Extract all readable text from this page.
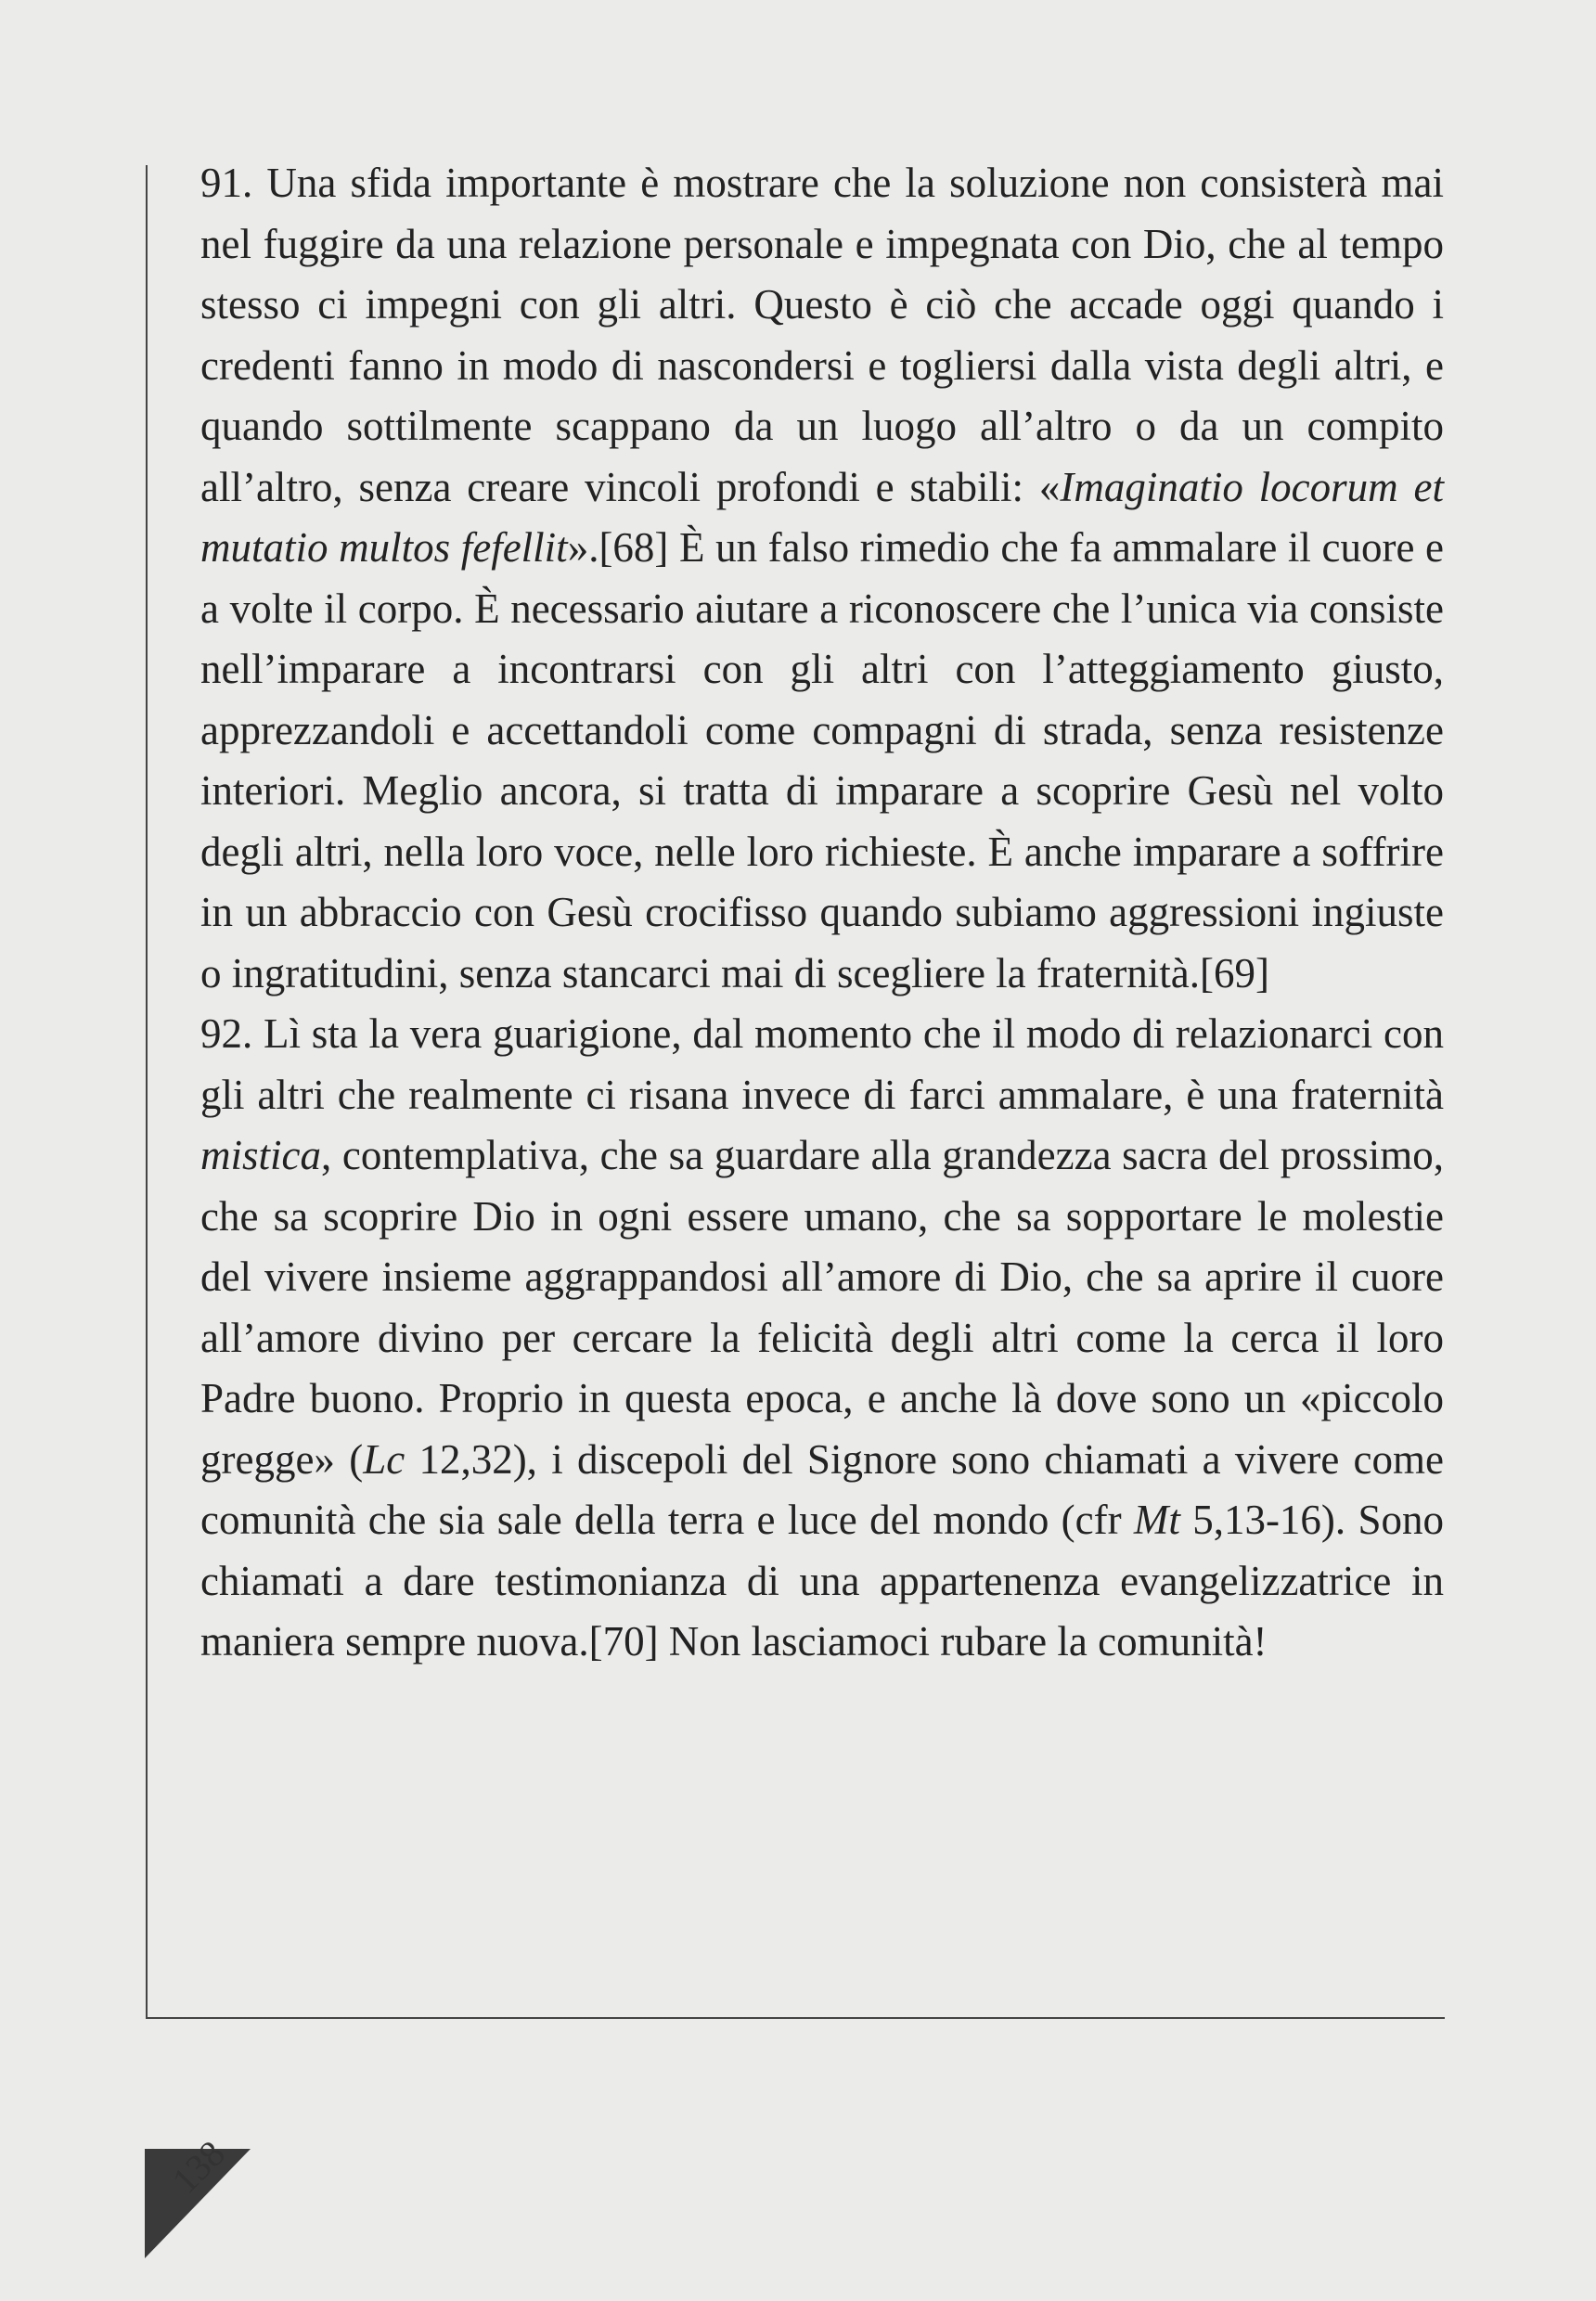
91. Una sfida importante è mostrare che la soluzione non consisterà mai nel fuggire da una relazione personale e impegnata con Dio, che al tempo stesso ci impegni con gli altri. Questo è ciò che accade oggi quando i credenti fanno in modo di nascondersi e togliersi dalla vista degli altri, e quando sottilmente scappano da un luogo all’altro o da un compito all’altro, senza creare vincoli profondi e stabili: «Imaginatio locorum et mutatio multos fefellit».[68] È un falso rimedio che fa ammalare il cuore e a volte il corpo. È necessario aiutare a riconoscere che l’unica via consiste nell’imparare a incontrarsi con gli altri con l’atteggiamento giusto, apprezzandoli e accettandoli come compagni di strada, senza resistenze interiori. Meglio ancora, si tratta di imparare a scoprire Gesù nel volto degli altri, nella loro voce, nelle loro richieste. È anche imparare a soffrire in un abbraccio con Gesù crocifisso quando subiamo aggressioni ingiuste o ingratitudini, senza stancarci mai di scegliere la fraternità.[69]

92. Lì sta la vera guarigione, dal momento che il modo di relazionarci con gli altri che realmente ci risana invece di farci ammalare, è una fraternità mistica, contemplativa, che sa guardare alla grandezza sacra del prossimo, che sa scoprire Dio in ogni essere umano, che sa sopportare le molestie del vivere insieme aggrappandosi all’amore di Dio, che sa aprire il cuore all’amore divino per cercare la felicità degli altri come la cerca il loro Padre buono. Proprio in questa epoca, e anche là dove sono un «piccolo gregge» (Lc 12,32), i discepoli del Signore sono chiamati a vivere come comunità che sia sale della terra e luce del mondo (cfr Mt 5,13-16). Sono chiamati a dare testimonianza di una appartenenza evangelizzatrice in maniera sempre nuova.[70] Non lasciamoci rubare la comunità!

138
